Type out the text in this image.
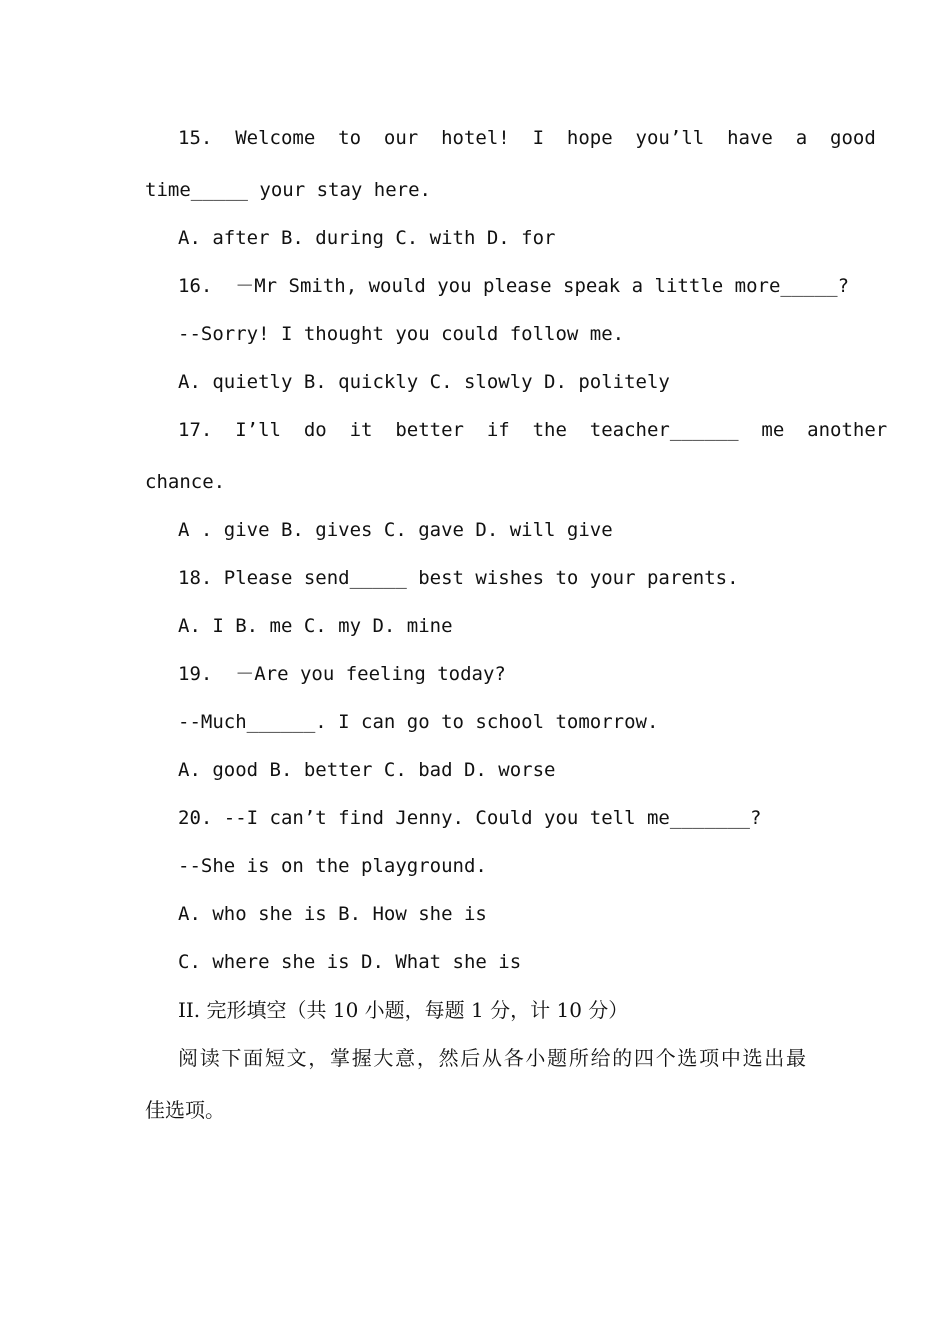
15.  Welcome  to  our  hotel!  I  hope  you’ll  have  a  good
time_____ your stay here.
A. after B. during C. with D. for
16.  －Mr Smith, would you please speak a little more_____?
--Sorry! I thought you could follow me.
A. quietly B. quickly C. slowly D. politely
17.  I’ll  do  it  better  if  the  teacher______  me  another
chance.
A . give B. gives C. gave D. will give
18. Please send_____ best wishes to your parents.
A. I B. me C. my D. mine
19.  －Are you feeling today?
--Much______. I can go to school tomorrow.
A. good B. better C. bad D. worse
20. --I can’t find Jenny. Could you tell me_______?
--She is on the playground.
A. who she is B. How she is
C. where she is D. What she is
II. 完形填空（共 10 小题，每题 1 分，计 10 分）
阅读下面短文，掌握大意，然后从各小题所给的四个选项中选出最
佳选项。
